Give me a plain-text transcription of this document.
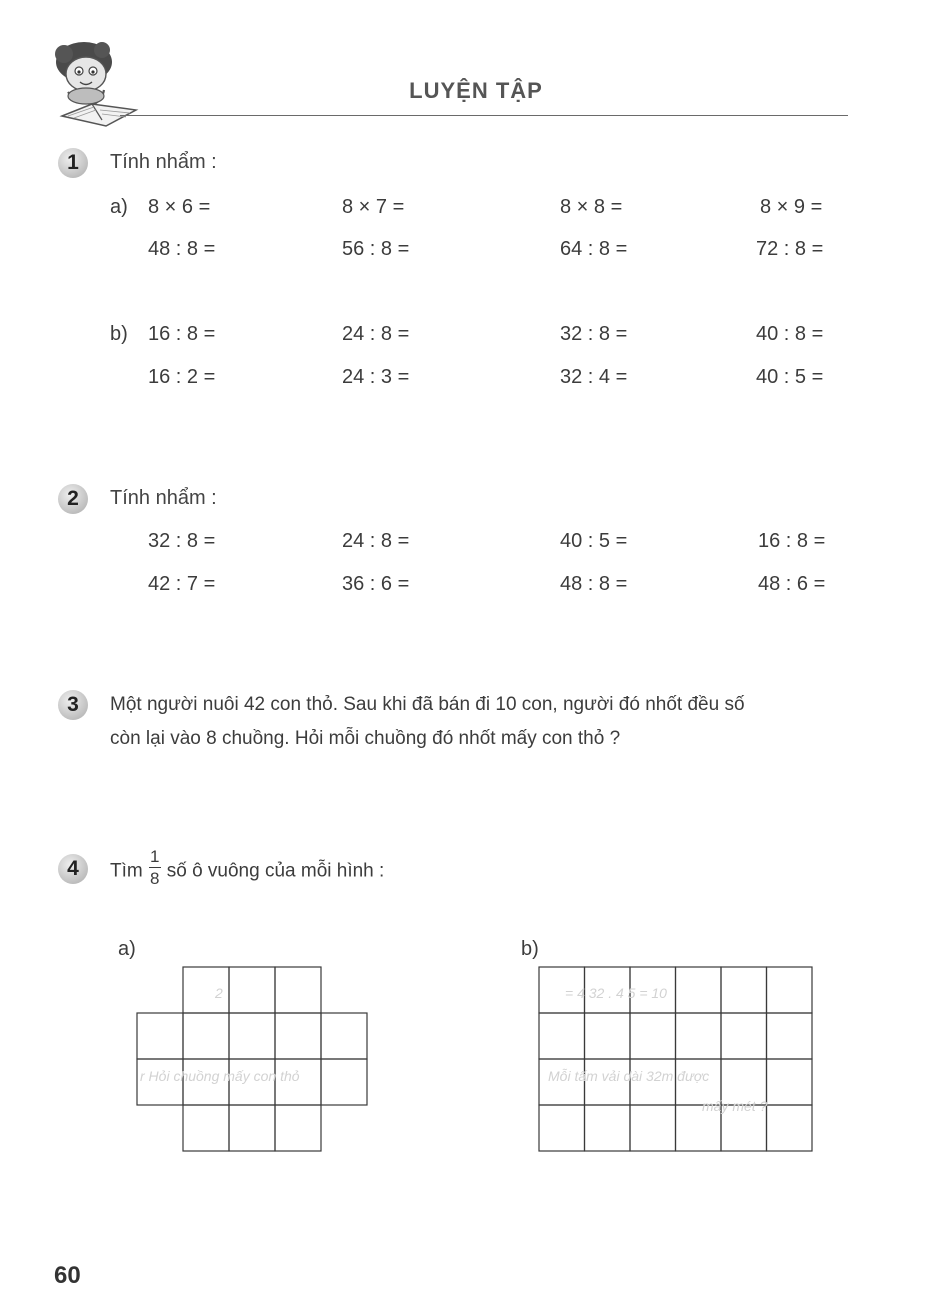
LUYỆN TẬP
1	Tính nhẩm :
a) 8 × 6 =	8 × 7 =	8 × 8 =	8 × 9 =
48 : 8 =	56 : 8 =	64 : 8 =	72 : 8 =
b) 16 : 8 =	24 : 8 =	32 : 8 =	40 : 8 =
16 : 2 =	24 : 3 =	32 : 4 =	40 : 5 =
2	Tính nhẩm :
32 : 8 =	24 : 8 =	40 : 5 =	16 : 8 =
42 : 7 =	36 : 6 =	48 : 8 =	48 : 6 =
3	Một người nuôi 42 con thỏ. Sau khi đã bán đi 10 con, người đó nhốt đều số
còn lại vào 8 chuồng. Hỏi mỗi chuồng đó nhốt mấy con thỏ ?
4	Tìm $\frac{1}{8}$ số ô vuông của mỗi hình :
a)	b)
2
r Hỏi chuồng mấy con thỏ
= 4 32 . 4 5 = 10
Mỗi tấm vải dài 32m được
mấy mét ?
60
